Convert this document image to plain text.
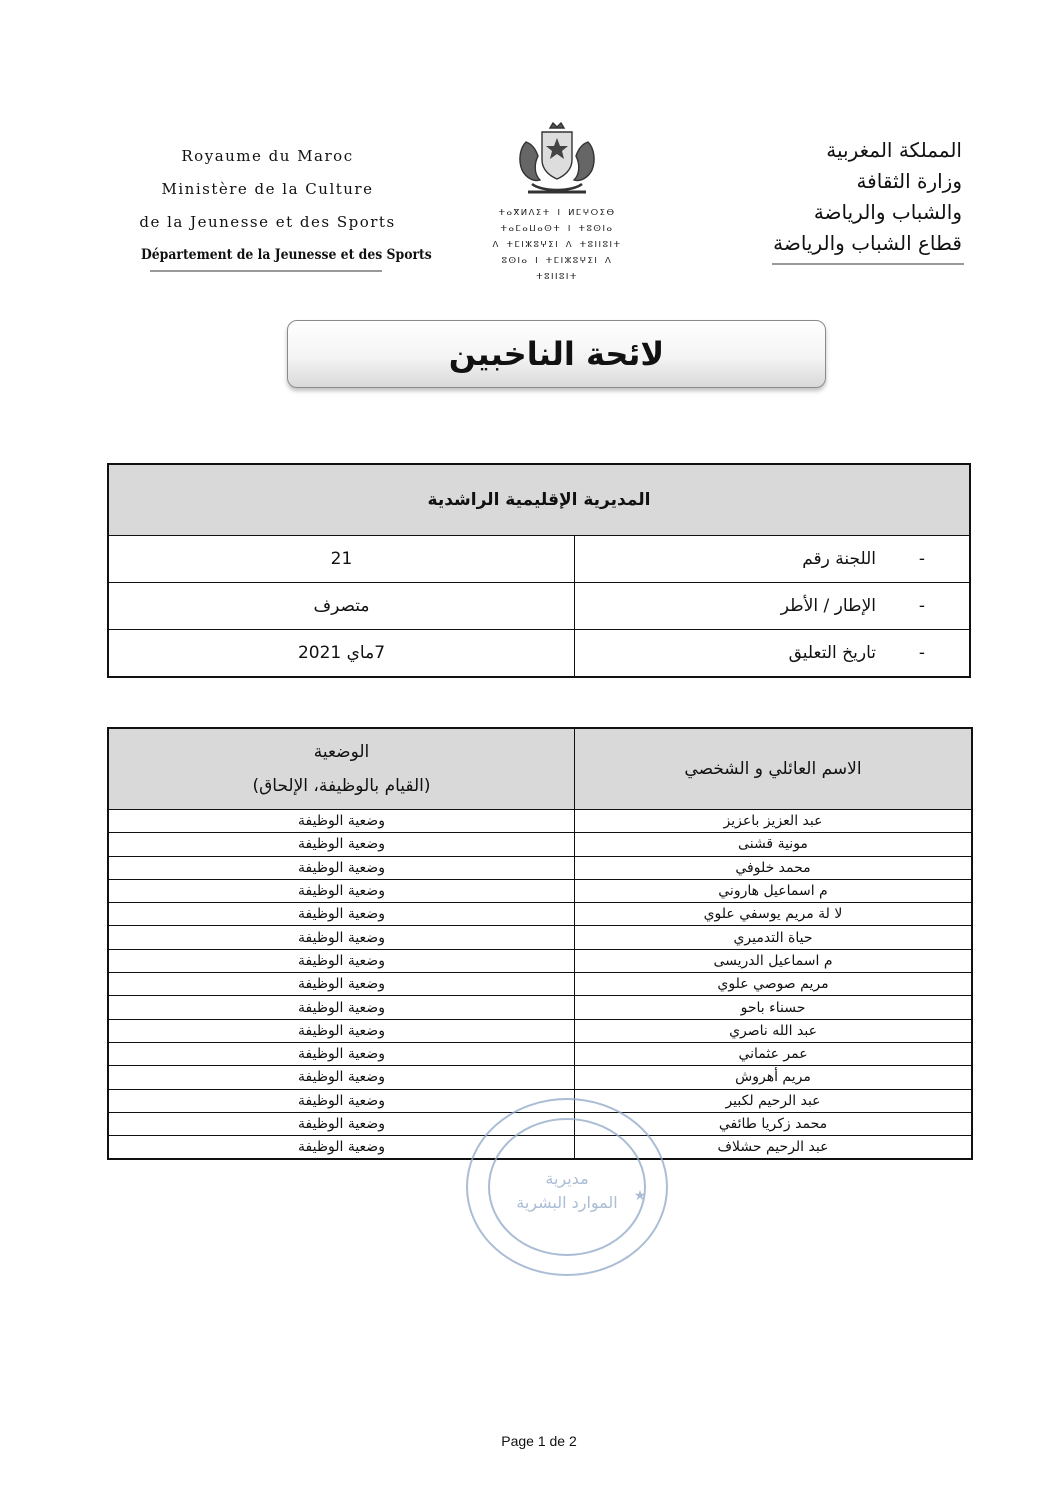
Royaume du Maroc
Ministère de la Culture
de la Jeunesse et des Sports
Département de la Jeunesse et des Sports
ⵜⴰⴳⵍⴷⵉⵜ ⵏ ⵍⵎⵖⵔⵉⴱ
ⵜⴰⵎⴰⵡⴰⵙⵜ ⵏ ⵜⵓⵙⵏⴰ
ⴷ ⵜⵎⵏⵣⵓⵖⵉⵏ ⴷ ⵜⵓⵏⵏⵓⵏⵜ
ⵓⵙⵏⴰ ⵏ ⵜⵎⵏⵣⵓⵖⵉⵏ ⴷ ⵜⵓⵏⵏⵓⵏⵜ
المملكة المغربية
وزارة الثقافة
والشباب والرياضة
قطاع الشباب والرياضة
لائحة الناخبين
المديرية الإقليمية الراشدية	

-
اللجنة رقم	21

-
الإطار / الأطر	متصرف

-
تاريخ التعليق	7ماي 2021
الاسم العائلي و الشخصي	الوضعية
(القيام بالوظيفة، الإلحاق)
عبد العزيز باعزيز	وضعية الوظيفة
مونية قشنى	وضعية الوظيفة
محمد خلوفي	وضعية الوظيفة
م اسماعيل هاروني	وضعية الوظيفة
لا لة مريم يوسفي علوي	وضعية الوظيفة
حياة التدميري	وضعية الوظيفة
م اسماعيل الدريسى	وضعية الوظيفة
مريم صوصي علوي	وضعية الوظيفة
حسناء باحو	وضعية الوظيفة
عبد الله ناصري	وضعية الوظيفة
عمر عثماني	وضعية الوظيفة
مريم أهروش	وضعية الوظيفة
عبد الرحيم لكبير	وضعية الوظيفة
محمد زكريا طائفي	وضعية الوظيفة
عبد الرحيم حشلاف	وضعية الوظيفة
مديرية
الموارد البشرية ★
Page 1 de 2
